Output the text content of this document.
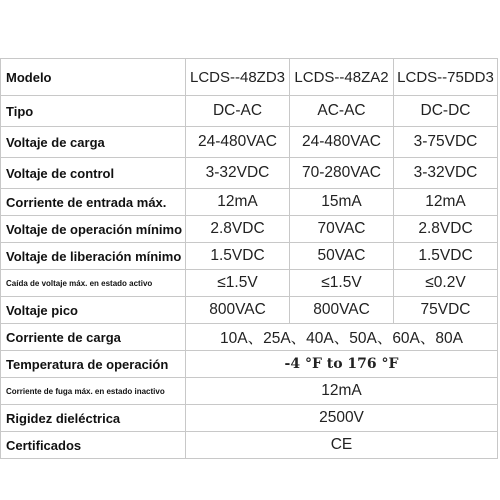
Modelo	LCDS--48ZD3	LCDS--48ZA2	LCDS--75DD3
Tipo	DC-AC	AC-AC	DC-DC
Voltaje de carga	24-480VAC	24-480VAC	3-75VDC
Voltaje de control	3-32VDC	70-280VAC	3-32VDC
Corriente de entrada máx.	12mA	15mA	12mA
Voltaje de operación mínimo	2.8VDC	70VAC	2.8VDC
Voltaje de liberación mínimo	1.5VDC	50VAC	1.5VDC
Caída de voltaje máx. en estado activo	≤1.5V	≤1.5V	≤0.2V
Voltaje pico	800VAC	800VAC	75VDC
Corriente de carga	10A、25A、40A、50A、60A、80A		
Temperatura de operación	-4 °F to 176 °F		
Corriente de fuga máx. en estado inactivo	12mA		
Rigidez dieléctrica	2500V		
Certificados	CE		
